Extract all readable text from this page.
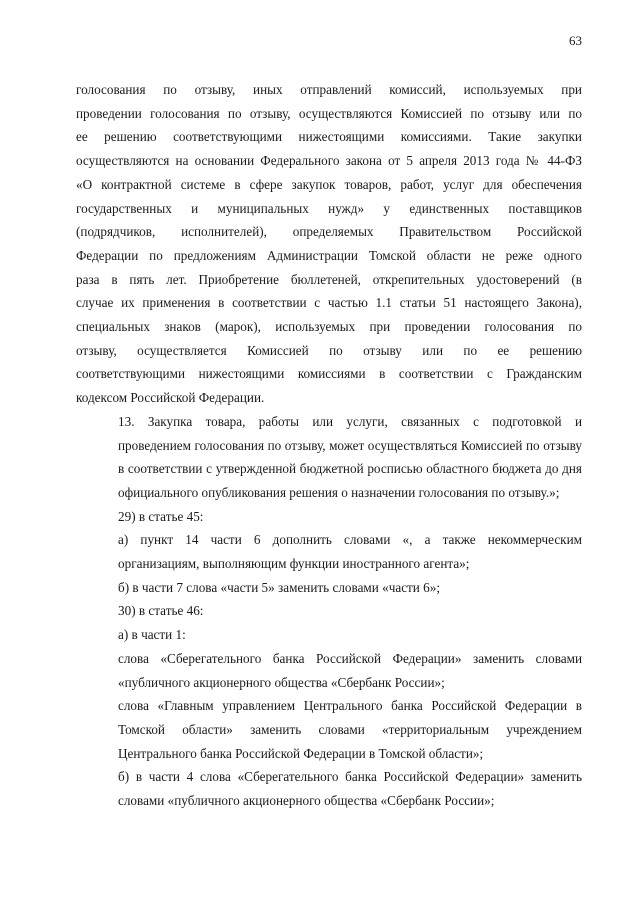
63
голосования по отзыву, иных отправлений комиссий, используемых при
проведении голосования по отзыву, осуществляются Комиссией по отзыву или по
ее решению соответствующими нижестоящими комиссиями. Такие закупки
осуществляются на основании Федерального закона от 5 апреля 2013 года № 44-ФЗ
«О контрактной системе в сфере закупок товаров, работ, услуг для обеспечения
государственных и муниципальных нужд» у единственных поставщиков
(подрядчиков, исполнителей), определяемых Правительством Российской
Федерации по предложениям Администрации Томской области не реже одного
раза в пять лет. Приобретение бюллетеней, открепительных удостоверений (в
случае их применения в соответствии с частью 1.1 статьи 51 настоящего Закона),
специальных знаков (марок), используемых при проведении голосования по
отзыву, осуществляется Комиссией по отзыву или по ее решению
соответствующими нижестоящими комиссиями в соответствии с Гражданским
кодексом Российской Федерации.
13. Закупка товара, работы или услуги, связанных с подготовкой и
проведением голосования по отзыву, может осуществляться Комиссией по отзыву
в соответствии с утвержденной бюджетной росписью областного бюджета до дня
официального опубликования решения о назначении голосования по отзыву.»;
29) в статье 45:
а) пункт 14 части 6 дополнить словами «, а также некоммерческим
организациям, выполняющим функции иностранного агента»;
б) в части 7 слова «части 5» заменить словами «части 6»;
30) в статье 46:
а) в части 1:
слова «Сберегательного банка Российской Федерации» заменить словами
«публичного акционерного общества «Сбербанк России»;
слова «Главным управлением Центрального банка Российской Федерации в
Томской области» заменить словами «территориальным учреждением
Центрального банка Российской Федерации в Томской области»;
б) в части 4 слова «Сберегательного банка Российской Федерации» заменить
словами «публичного акционерного общества «Сбербанк России»;
